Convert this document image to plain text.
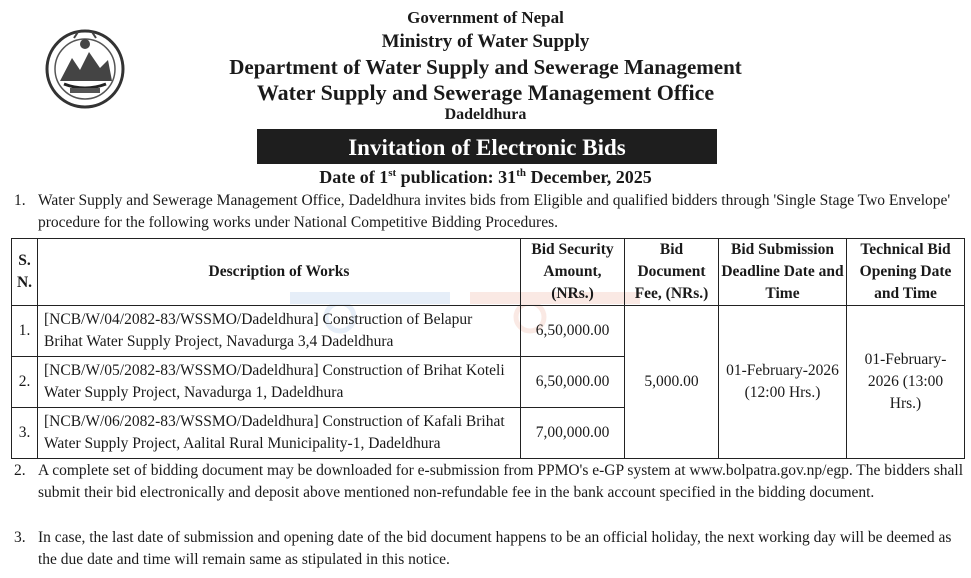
Government of Nepal
Ministry of Water Supply
Department of Water Supply and Sewerage Management
Water Supply and Sewerage Management Office
Dadeldhura
Invitation of Electronic Bids
Date of 1st publication: 31th December, 2025
1. Water Supply and Sewerage Management Office, Dadeldhura invites bids from Eligible and qualified bidders through 'Single Stage Two Envelope' procedure for the following works under National Competitive Bidding Procedures.
S. N.	Description of Works	Bid Security Amount, (NRs.)	Bid Document Fee, (NRs.)	Bid Submission Deadline Date and Time	Technical Bid Opening Date and Time
1.	[NCB/W/04/2082-83/WSSMO/Dadeldhura] Construction of Belapur Brihat Water Supply Project, Navadurga 3,4 Dadeldhura	6,50,000.00	5,000.00	01-February-2026 (12:00 Hrs.)	01-February-2026 (13:00 Hrs.)
2.	[NCB/W/05/2082-83/WSSMO/Dadeldhura] Construction of Brihat Koteli Water Supply Project, Navadurga 1, Dadeldhura	6,50,000.00			
3.	[NCB/W/06/2082-83/WSSMO/Dadeldhura] Construction of Kafali Brihat Water Supply Project, Aalital Rural Municipality-1, Dadeldhura	7,00,000.00			
2. A complete set of bidding document may be downloaded for e-submission from PPMO's e-GP system at www.bolpatra.gov.np/egp. The bidders shall submit their bid electronically and deposit above mentioned non-refundable fee in the bank account specified in the bidding document.
3. In case, the last date of submission and opening date of the bid document happens to be an official holiday, the next working day will be deemed as the due date and time will remain same as stipulated in this notice.
